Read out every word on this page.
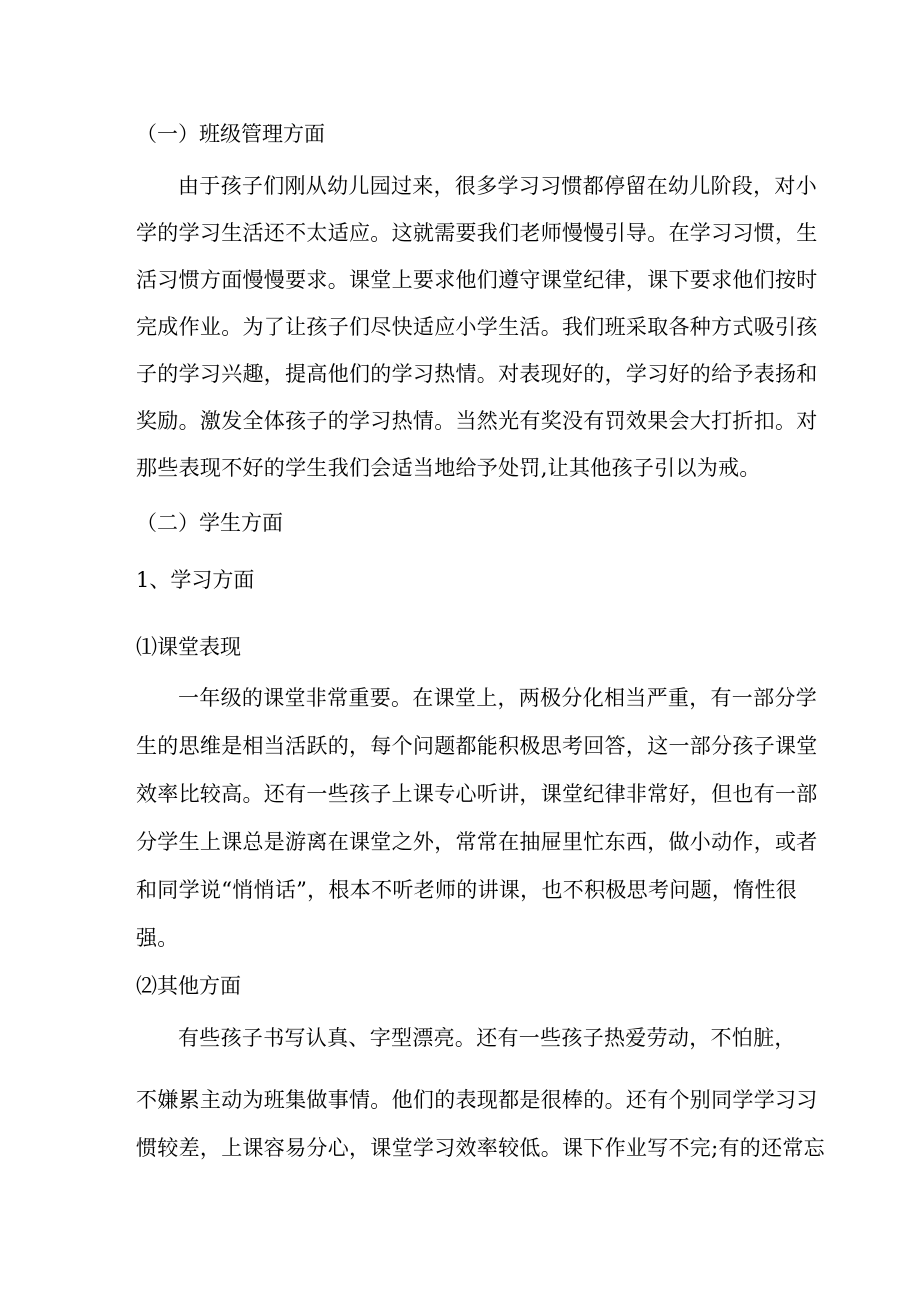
（一）班级管理方面
由于孩子们刚从幼儿园过来，很多学习习惯都停留在幼儿阶段，对小
学的学习生活还不太适应。这就需要我们老师慢慢引导。在学习习惯，生
活习惯方面慢慢要求。课堂上要求他们遵守课堂纪律，课下要求他们按时
完成作业。为了让孩子们尽快适应小学生活。我们班采取各种方式吸引孩
子的学习兴趣，提高他们的学习热情。对表现好的，学习好的给予表扬和
奖励。激发全体孩子的学习热情。当然光有奖没有罚效果会大打折扣。对
那些表现不好的学生我们会适当地给予处罚,让其他孩子引以为戒。
（二）学生方面
1、学习方面
⑴课堂表现
一年级的课堂非常重要。在课堂上，两极分化相当严重，有一部分学
生的思维是相当活跃的，每个问题都能积极思考回答，这一部分孩子课堂
效率比较高。还有一些孩子上课专心听讲，课堂纪律非常好，但也有一部
分学生上课总是游离在课堂之外，常常在抽屉里忙东西，做小动作，或者
和同学说“悄悄话”，根本不听老师的讲课，也不积极思考问题，惰性很
强。
⑵其他方面
有些孩子书写认真、字型漂亮。还有一些孩子热爱劳动，不怕脏，
不嫌累主动为班集做事情。他们的表现都是很棒的。还有个别同学学习习
惯较差，上课容易分心，课堂学习效率较低。课下作业写不完;有的还常忘
